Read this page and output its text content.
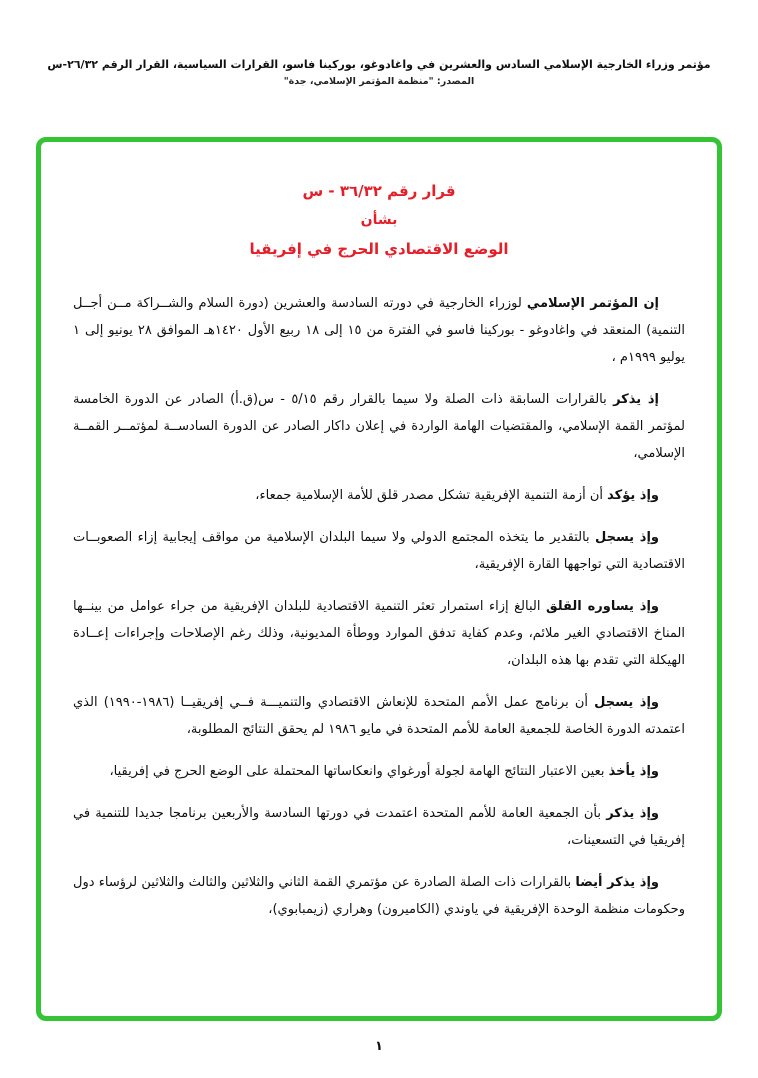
مؤتمر وزراء الخارجية الإسلامي السادس والعشرين في واغادوغو، بوركينا فاسو، القرارات السياسية، القرار الرقم ٢٦/٣٢-س
المصدر: "منظمة المؤتمر الإسلامي، جدة"
قرار رقم ٣٦/٣٢ - س
بشأن
الوضع الاقتصادي الحرج في إفريقيا

إن المؤتمر الإسلامي لوزراء الخارجية في دورته السادسة والعشرين (دورة السلام والشــراكة مــن أجــل التنمية) المنعقد في واغادوغو - بوركينا فاسو في الفترة من ١٥ إلى ١٨ ربيع الأول ١٤٢٠هـ الموافق ٢٨ يونيو إلى ١ يوليو ١٩٩٩م ،

إذ يذكر بالقرارات السابقة ذات الصلة ولا سيما بالقرار رقم ٥/١٥ - س(ق.أ) الصادر عن الدورة الخامسة لمؤتمر القمة الإسلامي، والمقتضيات الهامة الواردة في إعلان داكار الصادر عن الدورة السادســة لمؤتمــر القمــة الإسلامي،

وإذ يؤكد أن أزمة التنمية الإفريقية تشكل مصدر قلق للأمة الإسلامية جمعاء،

وإذ يسجل بالتقدير ما يتخذه المجتمع الدولي ولا سيما البلدان الإسلامية من مواقف إيجابية إزاء الصعوبــات الاقتصادية التي تواجهها القارة الإفريقية،

وإذ يساوره القلق البالغ إزاء استمرار تعثر التنمية الاقتصادية للبلدان الإفريقية من جراء عوامل من بينــها المناخ الاقتصادي الغير ملائم، وعدم كفاية تدفق الموارد ووطأة المديونية، وذلك رغم الإصلاحات وإجراءات إعــادة الهيكلة التي تقدم بها هذه البلدان،

وإذ يسجل أن برنامج عمل الأمم المتحدة للإنعاش الاقتصادي والتنميـــة فــي إفريقيــا (١٩٨٦-١٩٩٠) الذي اعتمدته الدورة الخاصة للجمعية العامة للأمم المتحدة في مايو ١٩٨٦ لم يحقق النتائج المطلوبة،

وإذ يأخذ بعين الاعتبار النتائج الهامة لجولة أورغواي وانعكاساتها المحتملة على الوضع الحرج في إفريقيا،

وإذ يذكر بأن الجمعية العامة للأمم المتحدة اعتمدت في دورتها السادسة والأربعين برنامجا جديدا للتنمية في إفريقيا في التسعينات،

وإذ يذكر أيضا بالقرارات ذات الصلة الصادرة عن مؤتمري القمة الثاني والثلاثين والثالث والثلاثين لرؤساء دول وحكومات منظمة الوحدة الإفريقية في ياوندي (الكاميرون) وهراري (زيمبابوي)،

١
